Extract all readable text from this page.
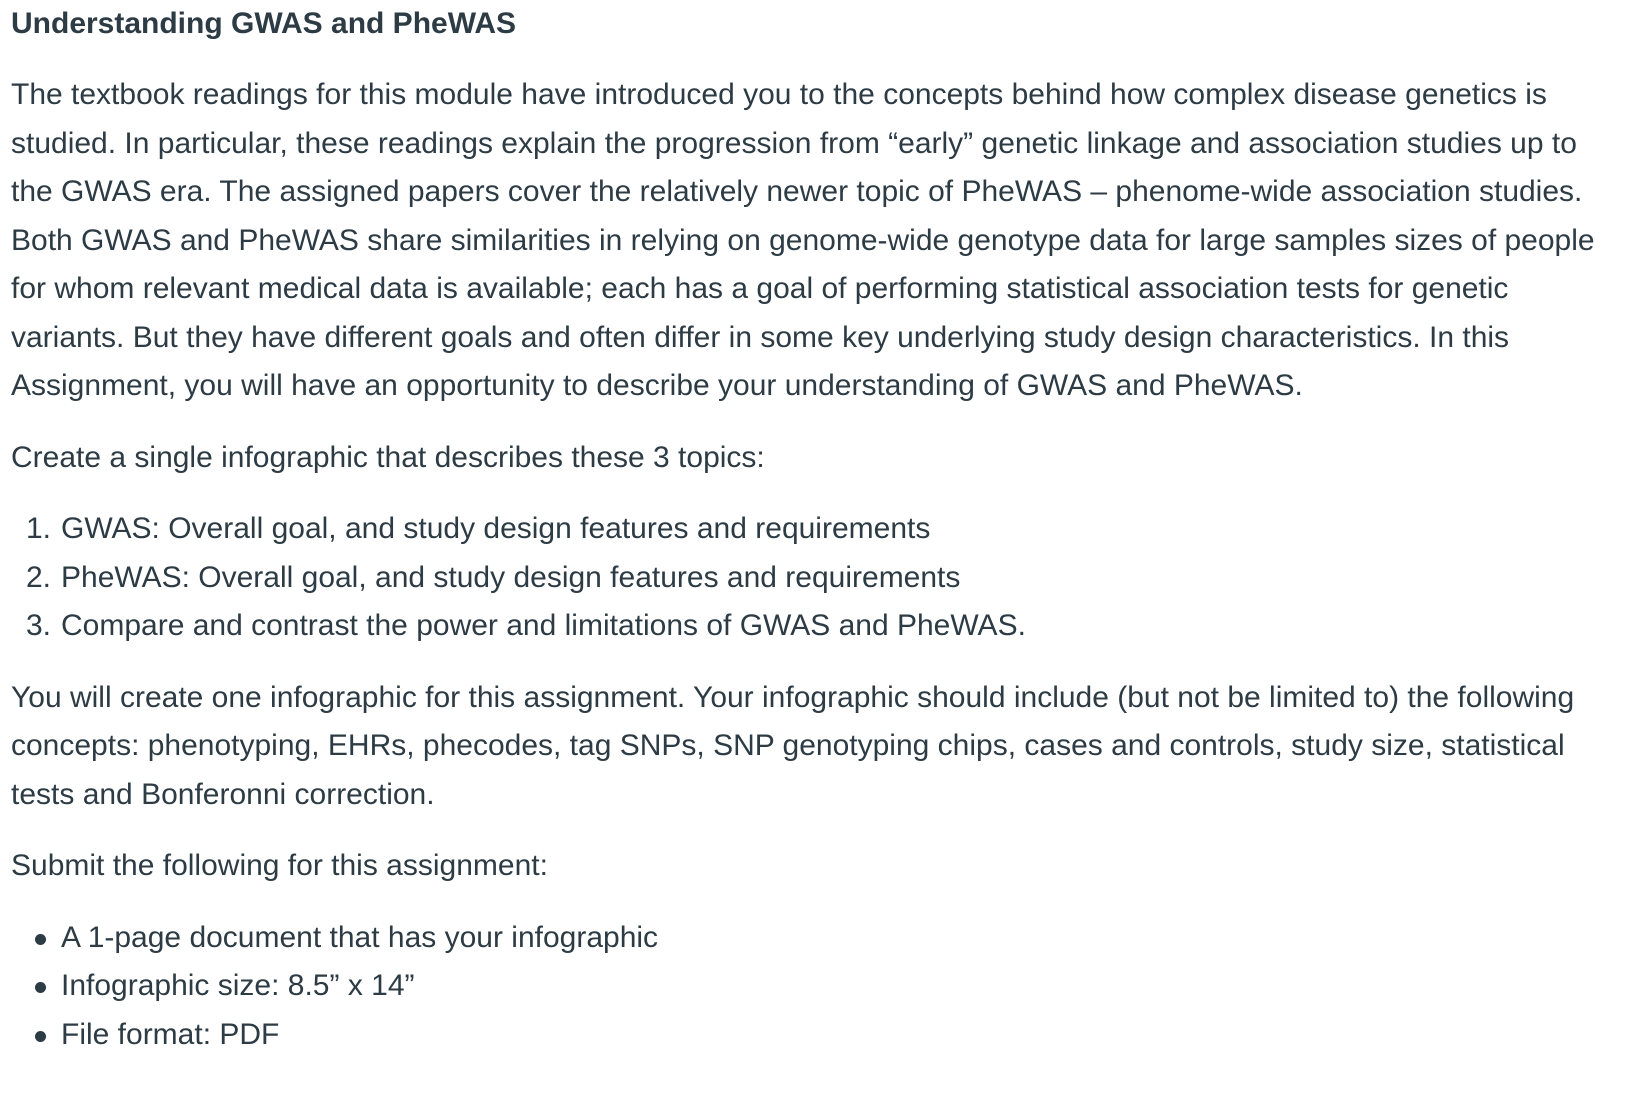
Understanding GWAS and PheWAS

The textbook readings for this module have introduced you to the concepts behind how complex disease genetics is studied. In particular, these readings explain the progression from “early” genetic linkage and association studies up to the GWAS era. The assigned papers cover the relatively newer topic of PheWAS – phenome-wide association studies. Both GWAS and PheWAS share similarities in relying on genome-wide genotype data for large samples sizes of people for whom relevant medical data is available; each has a goal of performing statistical association tests for genetic variants. But they have different goals and often differ in some key underlying study design characteristics. In this Assignment, you will have an opportunity to describe your understanding of GWAS and PheWAS.

Create a single infographic that describes these 3 topics:

1. GWAS: Overall goal, and study design features and requirements
2. PheWAS: Overall goal, and study design features and requirements
3. Compare and contrast the power and limitations of GWAS and PheWAS.

You will create one infographic for this assignment. Your infographic should include (but not be limited to) the following concepts: phenotyping, EHRs, phecodes, tag SNPs, SNP genotyping chips, cases and controls, study size, statistical tests and Bonferonni correction.

Submit the following for this assignment:

A 1-page document that has your infographic
Infographic size: 8.5” x 14”
File format: PDF
